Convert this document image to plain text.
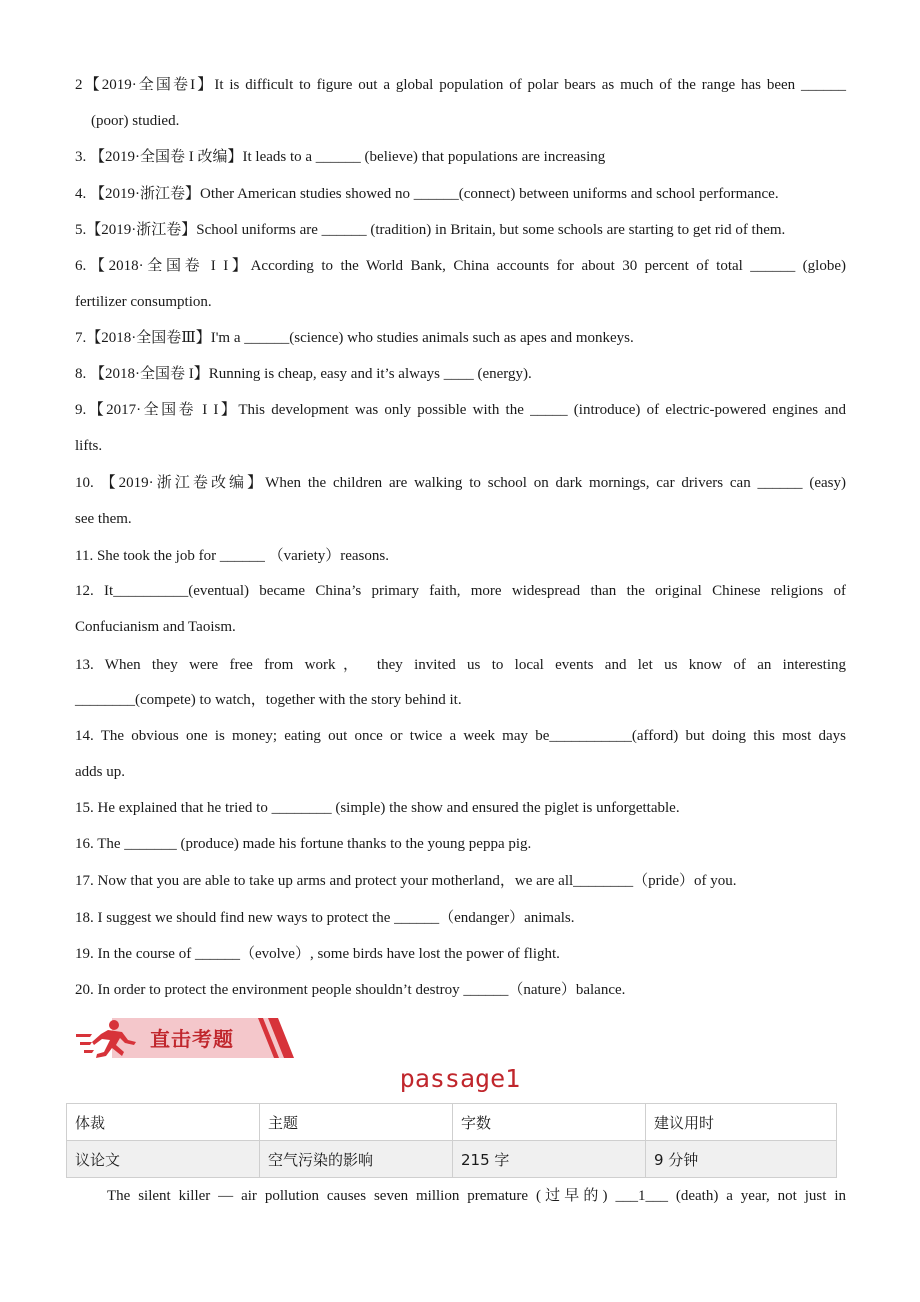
2【2019·全国卷I】It is difficult to figure out a global population of polar bears as much of the range has been ______
(poor) studied.
3. 【2019·全国卷 I 改编】It leads to a ______ (believe) that populations are increasing
4. 【2019·浙江卷】Other American studies showed no ______(connect) between uniforms and school performance.
5.【2019·浙江卷】School uniforms are ______ (tradition) in Britain, but some schools are starting to get rid of them.
6.【2018·全国卷 I I】According to the World Bank, China accounts for about 30 percent of total ______ (globe)
fertilizer consumption.
7.【2018·全国卷Ⅲ】I'm a ______(science) who studies animals such as apes and monkeys.
8. 【2018·全国卷 I】Running is cheap, easy and it’s always ____ (energy).
9.【2017·全国卷 I I】This development was only possible with the _____ (introduce) of electric-powered engines and
lifts.
10. 【2019·浙江卷改编】When the children are walking to school on dark mornings, car drivers can ______ (easy)
see them.
11. She took the job for ______ （variety）reasons.
12. It__________(eventual) became China’s primary faith, more widespread than the original Chinese religions of
Confucianism and Taoism.
13. When they were free from work， they invited us to local events and let us know of an interesting
________(compete) to watch，together with the story behind it.
14. The obvious one is money; eating out once or twice a week may be___________(afford) but doing this most days
adds up.
15. He explained that he tried to ________ (simple) the show and ensured the piglet is unforgettable.
16. The _______ (produce) made his fortune thanks to the young peppa pig.
17. Now that you are able to take up arms and protect your motherland，we are all________（pride）of you.
18. I suggest we should find new ways to protect the ______（endanger）animals.
19. In the course of ______（evolve）, some birds have lost the power of flight.
20. In order to protect the environment people shouldn’t destroy ______（nature）balance.
直击考题
passage1
体裁	主题	字数	建议用时
议论文	空气污染的影响	215 字	9 分钟
The silent killer — air pollution causes seven million premature (过早的) ___1___ (death) a year, not just in
